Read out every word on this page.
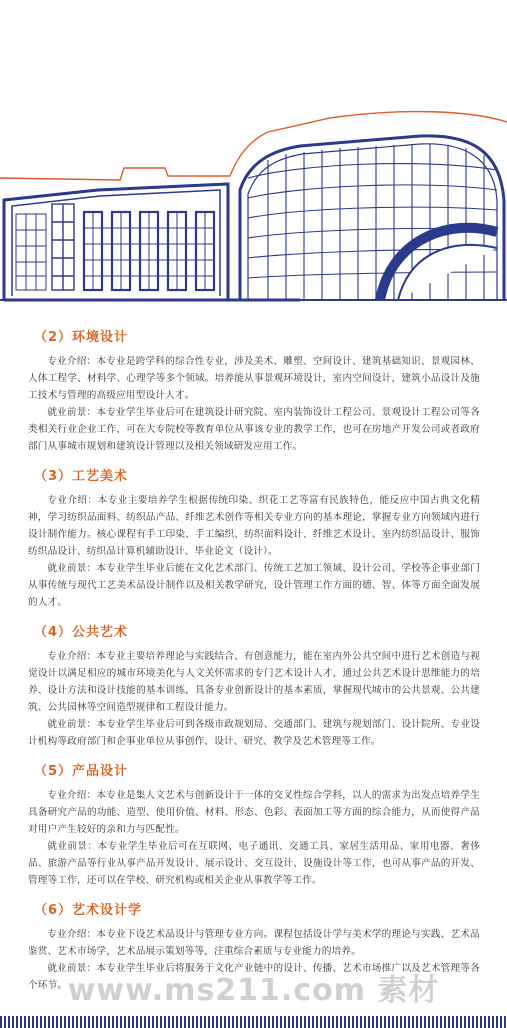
（2）环境设计

专业介绍：本专业是跨学科的综合性专业，涉及美术、雕塑、空间设计、建筑基础知识、景观园林、人体工程学、材料学、心理学等多个领域。培养能从事景观环境设计，室内空间设计，建筑小品设计及施工技术与管理的高级应用型设计人才。

就业前景：本专业学生毕业后可在建筑设计研究院、室内装饰设计工程公司、景观设计工程公司等各类相关行业企业工作，可在大专院校等教育单位从事该专业的教学工作，也可在房地产开发公司或者政府部门从事城市规划和建筑设计管理以及相关领域研发应用工作。

（3）工艺美术

专业介绍：本专业主要培养学生根据传统印染、织花工艺等富有民族特色，能反应中国古典文化精神，学习纺织品面料、纺织品产品、纤维艺术创作等相关专业方向的基本理论，掌握专业方向领域内进行设计制作能力。核心课程有手工印染、手工编织、纺织面料设计、纤维艺术设计、室内纺织品设计、服饰纺织品设计、纺织品计算机辅助设计、毕业论文（设计）。

就业前景：本专业学生毕业后能在文化艺术部门、传统工艺加工领域、设计公司、学校等企事业部门从事传统与现代工艺美术品设计制作以及相关教学研究，设计管理工作方面的德、智、体等方面全面发展的人才。

（4）公共艺术

专业介绍：本专业主要培养理论与实践结合、有创意能力，能在室内外公共空间中进行艺术创造与视觉设计以满足相应的城市环境美化与人文关怀需求的专门艺术设计人才，通过公共艺术设计思维能力的培养、设计方法和设计技能的基本训练，具备专业创新设计的基本素质，掌握现代城市的公共景观、公共建筑、公共园林等空间造型规律和工程设计能力。

就业前景：本专业学生毕业后可到各级市政规划局、交通部门、建筑与规划部门、设计院所、专业设计机构等政府部门和企事业单位从事创作、设计、研究、教学及艺术管理等工作。

（5）产品设计

专业介绍：本专业是集人文艺术与创新设计于一体的交叉性综合学科，以人的需求为出发点培养学生具备研究产品的功能、造型、使用价值、材料、形态、色彩、表面加工等方面的综合能力，从而使得产品对用户产生较好的亲和力与匹配性。

就业前景：本专业学生毕业后可在互联网、电子通讯、交通工具、家居生活用品、家用电器、奢侈品、旅游产品等行业从事产品开发设计、展示设计、交互设计、设施设计等工作，也可从事产品的开发、管理等工作，还可以在学校、研究机构或相关企业从事教学等工作。

（6）艺术设计学

专业介绍：本专业下设艺术品设计与管理专业方向。课程包括设计学与美术学的理论与实践、艺术品鉴赏、艺术市场学，艺术品展示策划等等，注重综合素质与专业能力的培养。

就业前景：本专业学生毕业后将服务于文化产业链中的设计、传播、艺术市场推广以及艺术管理等各个环节。 www.ms211.com 素材
